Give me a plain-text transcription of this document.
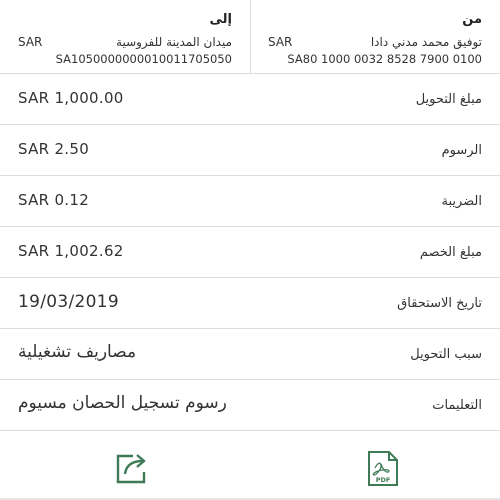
من
توفيق محمد مدني دادا
SAR
SA80 1000 0032 8528 7900 0100
إلى
ميدان المدينة للفروسية
SAR
SA1050000000010011705050
مبلغ التحويل
SAR 1,000.00
الرسوم
SAR 2.50
الضريبة
SAR 0.12
مبلغ الخصم
SAR 1,002.62
تاريخ الاستحقاق
19/03/2019
سبب التحويل
مصاريف تشغيلية
التعليمات
رسوم تسجيل الحصان مسيوم
PDF
